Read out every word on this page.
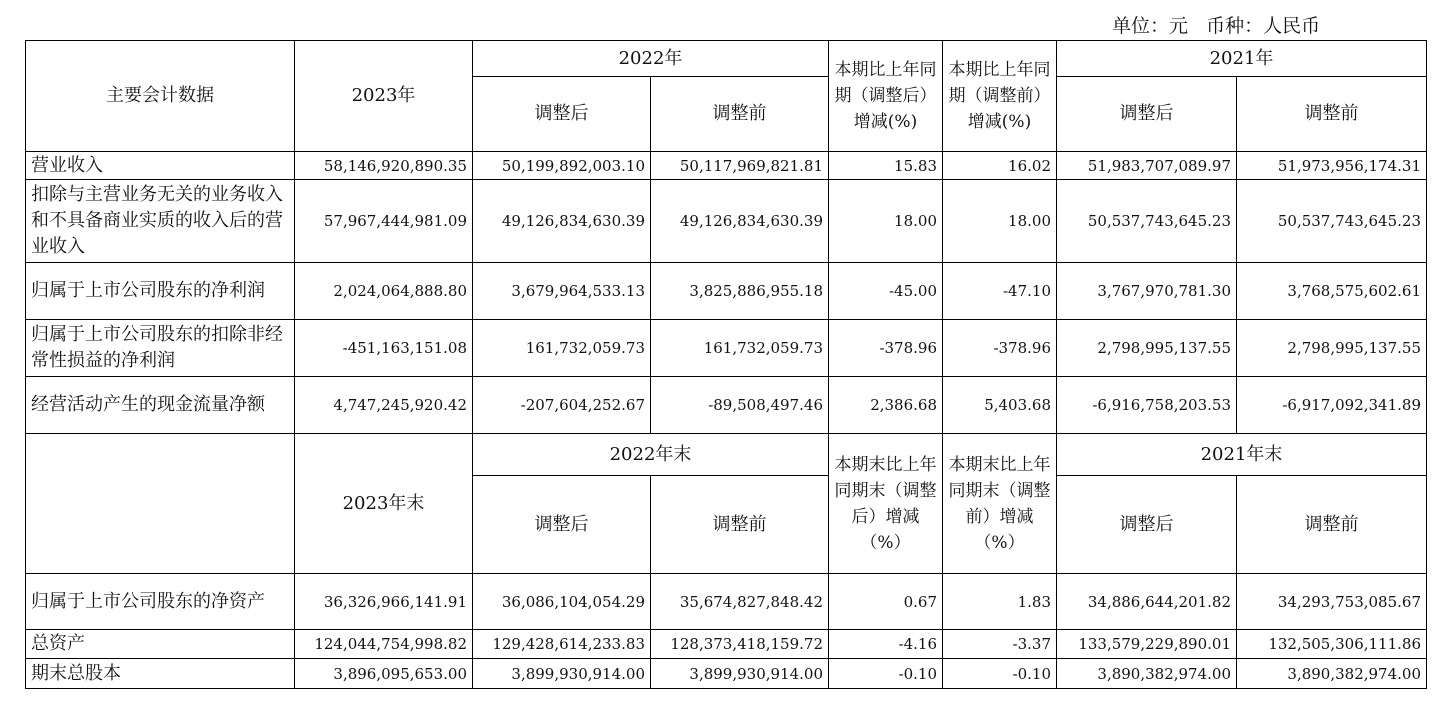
单位：元   币种：人民币
主要会计数据	2023年	2022年		本期比上年同期（调整后）增减(%)	本期比上年同期（调整前）增减(%)	2021年	
		调整后	调整前			调整后	调整前
营业收入	58,146,920,890.35	50,199,892,003.10	50,117,969,821.81	15.83	16.02	51,983,707,089.97	51,973,956,174.31
扣除与主营业务无关的业务收入和不具备商业实质的收入后的营业收入	57,967,444,981.09	49,126,834,630.39	49,126,834,630.39	18.00	18.00	50,537,743,645.23	50,537,743,645.23
归属于上市公司股东的净利润	2,024,064,888.80	3,679,964,533.13	3,825,886,955.18	-45.00	-47.10	3,767,970,781.30	3,768,575,602.61
归属于上市公司股东的扣除非经常性损益的净利润	-451,163,151.08	161,732,059.73	161,732,059.73	-378.96	-378.96	2,798,995,137.55	2,798,995,137.55
经营活动产生的现金流量净额	4,747,245,920.42	-207,604,252.67	-89,508,497.46	2,386.68	5,403.68	-6,916,758,203.53	-6,917,092,341.89
	2023年末	2022年末		本期末比上年同期末（调整后）增减（%）	本期末比上年同期末（调整前）增减（%）	2021年末	
		调整后	调整前			调整后	调整前
归属于上市公司股东的净资产	36,326,966,141.91	36,086,104,054.29	35,674,827,848.42	0.67	1.83	34,886,644,201.82	34,293,753,085.67
总资产	124,044,754,998.82	129,428,614,233.83	128,373,418,159.72	-4.16	-3.37	133,579,229,890.01	132,505,306,111.86
期末总股本	3,896,095,653.00	3,899,930,914.00	3,899,930,914.00	-0.10	-0.10	3,890,382,974.00	3,890,382,974.00
